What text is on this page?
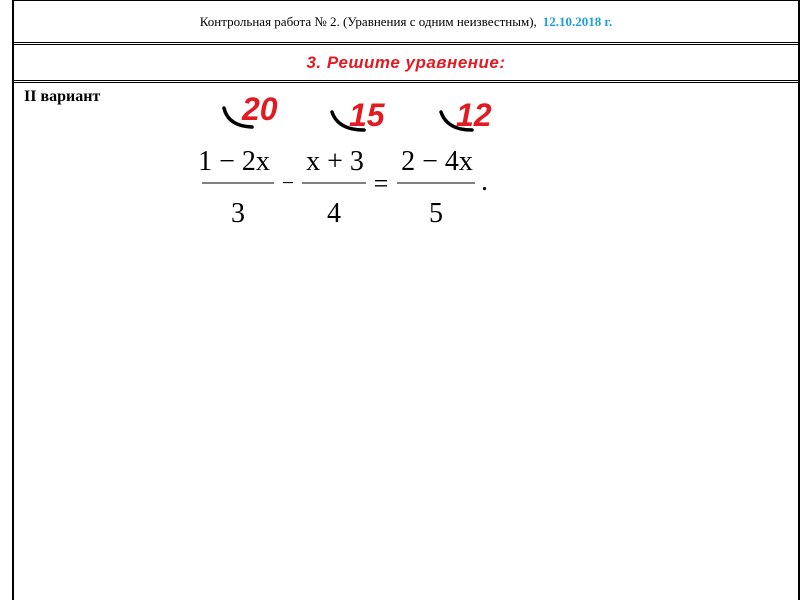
Контрольная работа № 2. (Уравнения с одним неизвестным), 12.10.2018 г.
3. Решите уравнение:
II вариант
1 − 2x
3
−
x + 3
4
=
2 − 4x
5
.
20 15 12
